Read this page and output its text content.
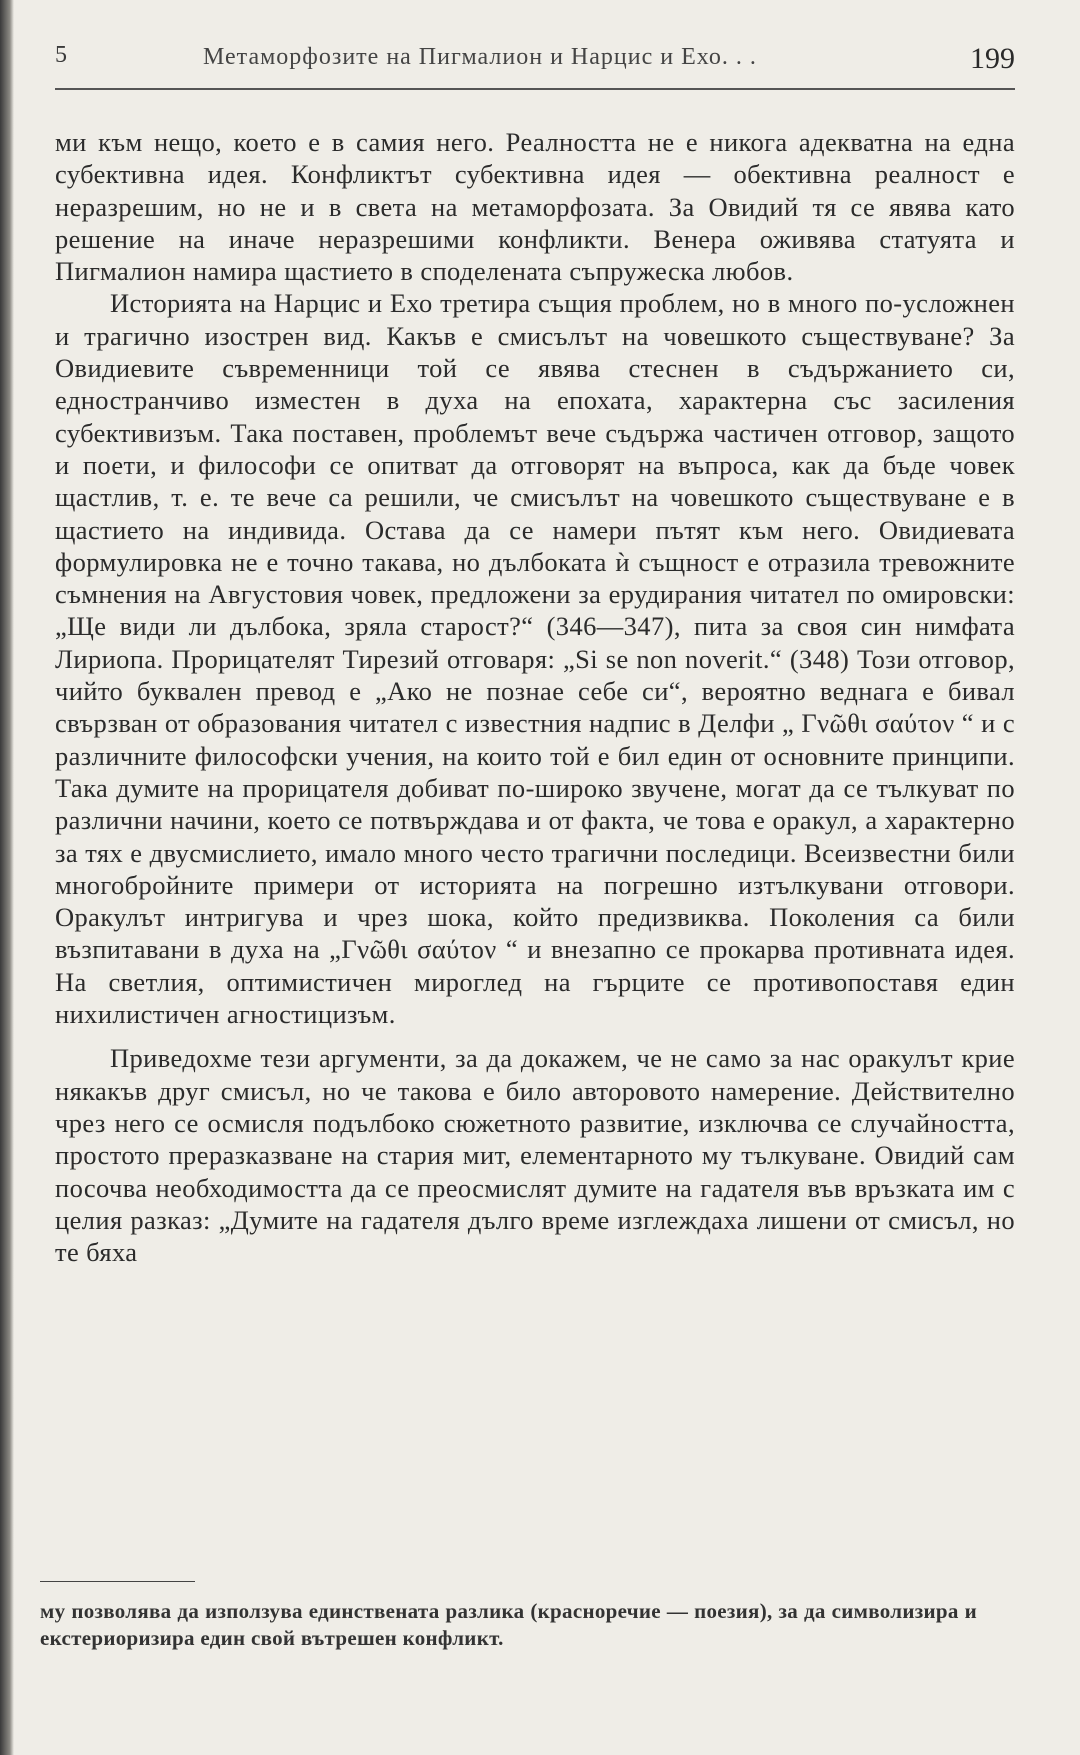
5	Метаморфозите на Пигмалион и Нарцис и Ехо. . .	199

ми към нещо, което е в самия него. Реалността не е никога адекватна на една субективна идея. Конфликтът субективна идея — обективна реалност е неразрешим, но не и в света на метаморфозата. За Овидий тя се явява като решение на иначе неразрешими конфликти. Венера оживява статуята и Пигмалион намира щастието в споделената съпружеска любов.

Историята на Нарцис и Ехо третира същия проблем, но в много по-усложнен и трагично изострен вид. Какъв е смисълът на човешкото съществуване? За Овидиевите съвременници той се явява стеснен в съдържанието си, едностранчиво изместен в духа на епохата, характерна със засиления субективизъм. Така поставен, проблемът вече съдържа частичен отговор, защото и поети, и философи се опитват да отговорят на въпроса, как да бъде човек щастлив, т. е. те вече са решили, че смисълът на човешкото съществуване е в щастието на индивида. Остава да се намери пътят към него. Овидиевата формулировка не е точно такава, но дълбоката ѝ същност е отразила тревожните съмнения на Августовия човек, предложени за ерудирания читател по омировски: „Ще види ли дълбока, зряла старост?“ (346—347), пита за своя син нимфата Лириопа. Прорицателят Тирезий отговаря: „Si se non noverit.“ (348) Този отговор, чийто буквален превод е „Ако не познае себе си“, вероятно веднага е бивал свързван от образования читател с известния надпис в Делфи „ Γνῶθι σαύτον “ и с различните философски учения, на които той е бил един от основните принципи. Така думите на прорицателя добиват по-широко звучене, могат да се тълкуват по различни начини, което се потвърждава и от факта, че това е оракул, а характерно за тях е двусмислието, имало много често трагични последици. Всеизвестни били многобройните примери от историята на погрешно изтълкувани отговори. Оракулът интригува и чрез шока, който предизвиква. Поколения са били възпитавани в духа на „Γνῶθι σαύτον “ и внезапно се прокарва противната идея. На светлия, оптимистичен мироглед на гърците се противопоставя един нихилистичен агностицизъм.

Приведохме тези аргументи, за да докажем, че не само за нас оракулът крие някакъв друг смисъл, но че такова е било авторовото намерение. Действително чрез него се осмисля подълбоко сюжетното развитие, изключва се случайността, простото преразказване на стария мит, елементарното му тълкуване. Овидий сам посочва необходимостта да се преосмислят думите на гадателя във връзката им с целия разказ: „Думите на гадателя дълго време изглеждаха лишени от смисъл, но те бяха

му позволява да използува единствената разлика (красноречие — поезия), за да символизира и екстериоризира един свой вътрешен конфликт.
